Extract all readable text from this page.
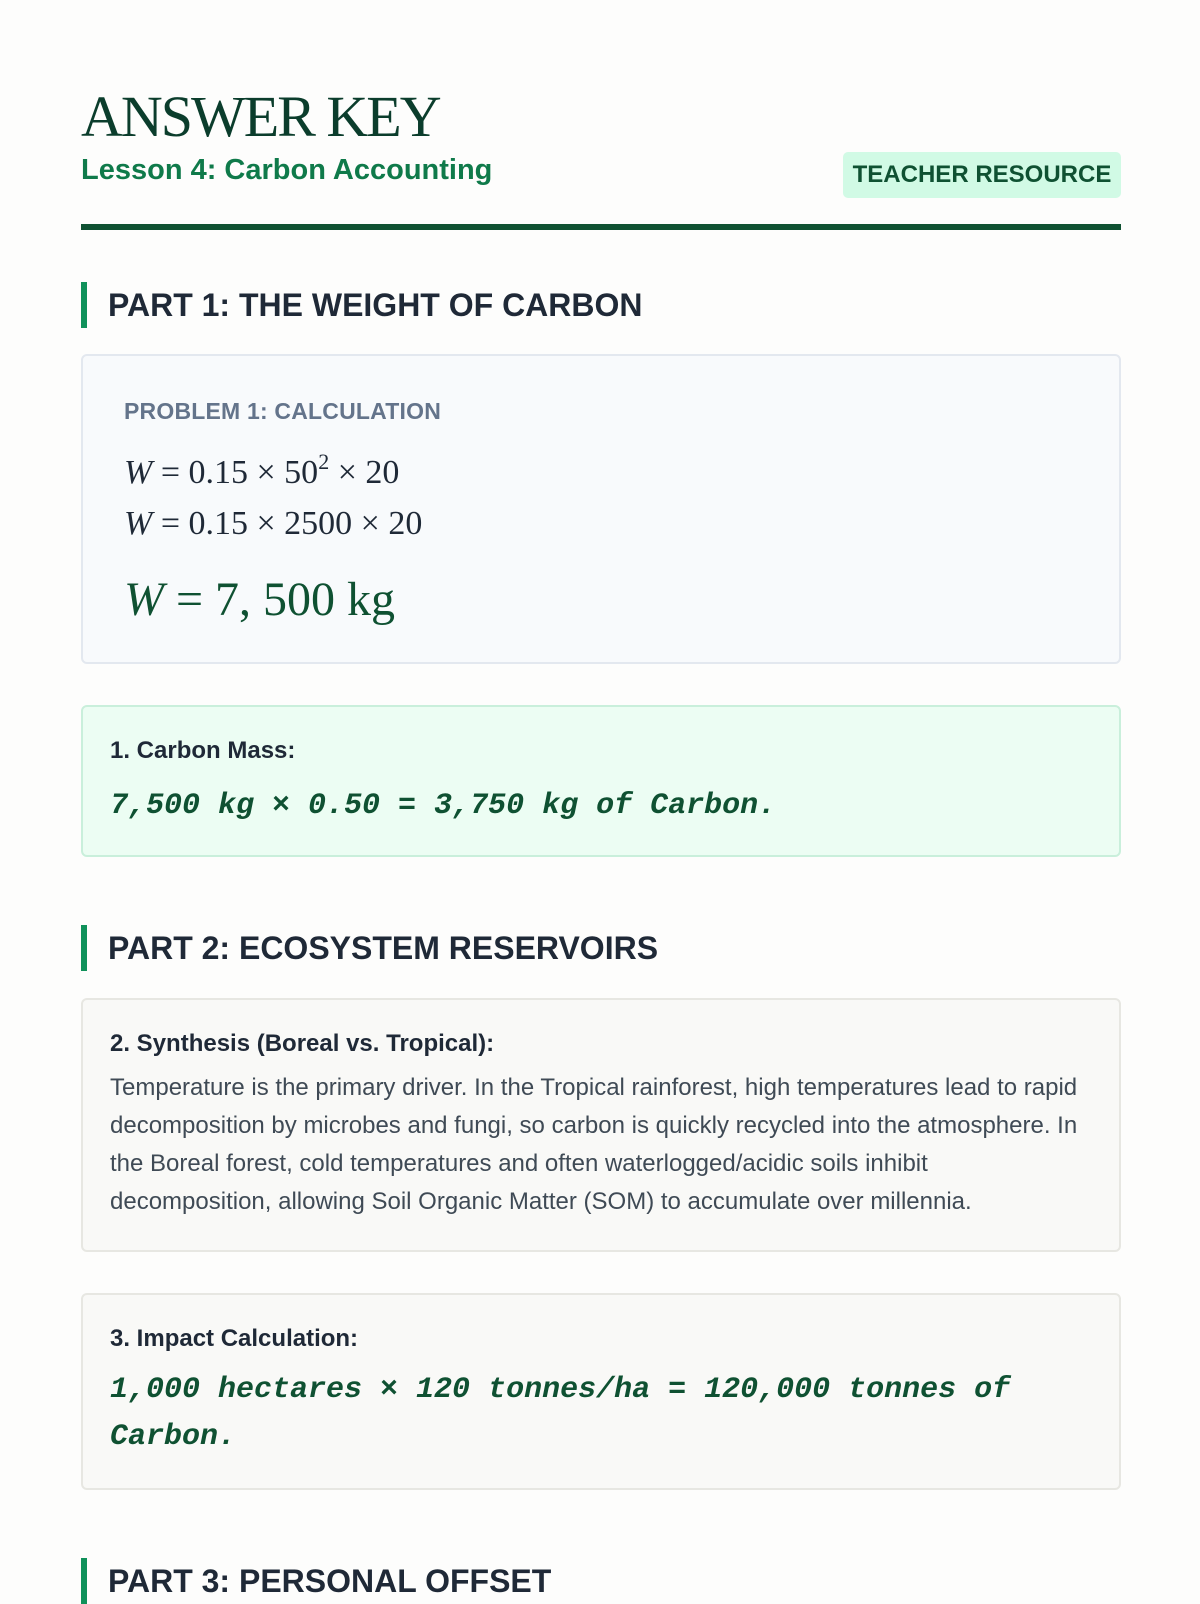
ANSWER KEY
Lesson 4: Carbon Accounting	TEACHER RESOURCE
PART 1: THE WEIGHT OF CARBON
PROBLEM 1: CALCULATION
$W = 0.15 \times 50^2 \times 20$
W = 0.15 × 2500 × 20
W = 7, 500 kg
1. Carbon Mass:
7,500 kg × 0.50 = 3,750 kg of Carbon.
PART 2: ECOSYSTEM RESERVOIRS
2. Synthesis (Boreal vs. Tropical):
Temperature is the primary driver. In the Tropical rainforest, high temperatures lead to rapid decomposition by microbes and fungi, so carbon is quickly recycled into the atmosphere. In the Boreal forest, cold temperatures and often waterlogged/acidic soils inhibit decomposition, allowing Soil Organic Matter (SOM) to accumulate over millennia.
3. Impact Calculation:
1,000 hectares × 120 tonnes/ha = 120,000 tonnes of Carbon.
PART 3: PERSONAL OFFSET
